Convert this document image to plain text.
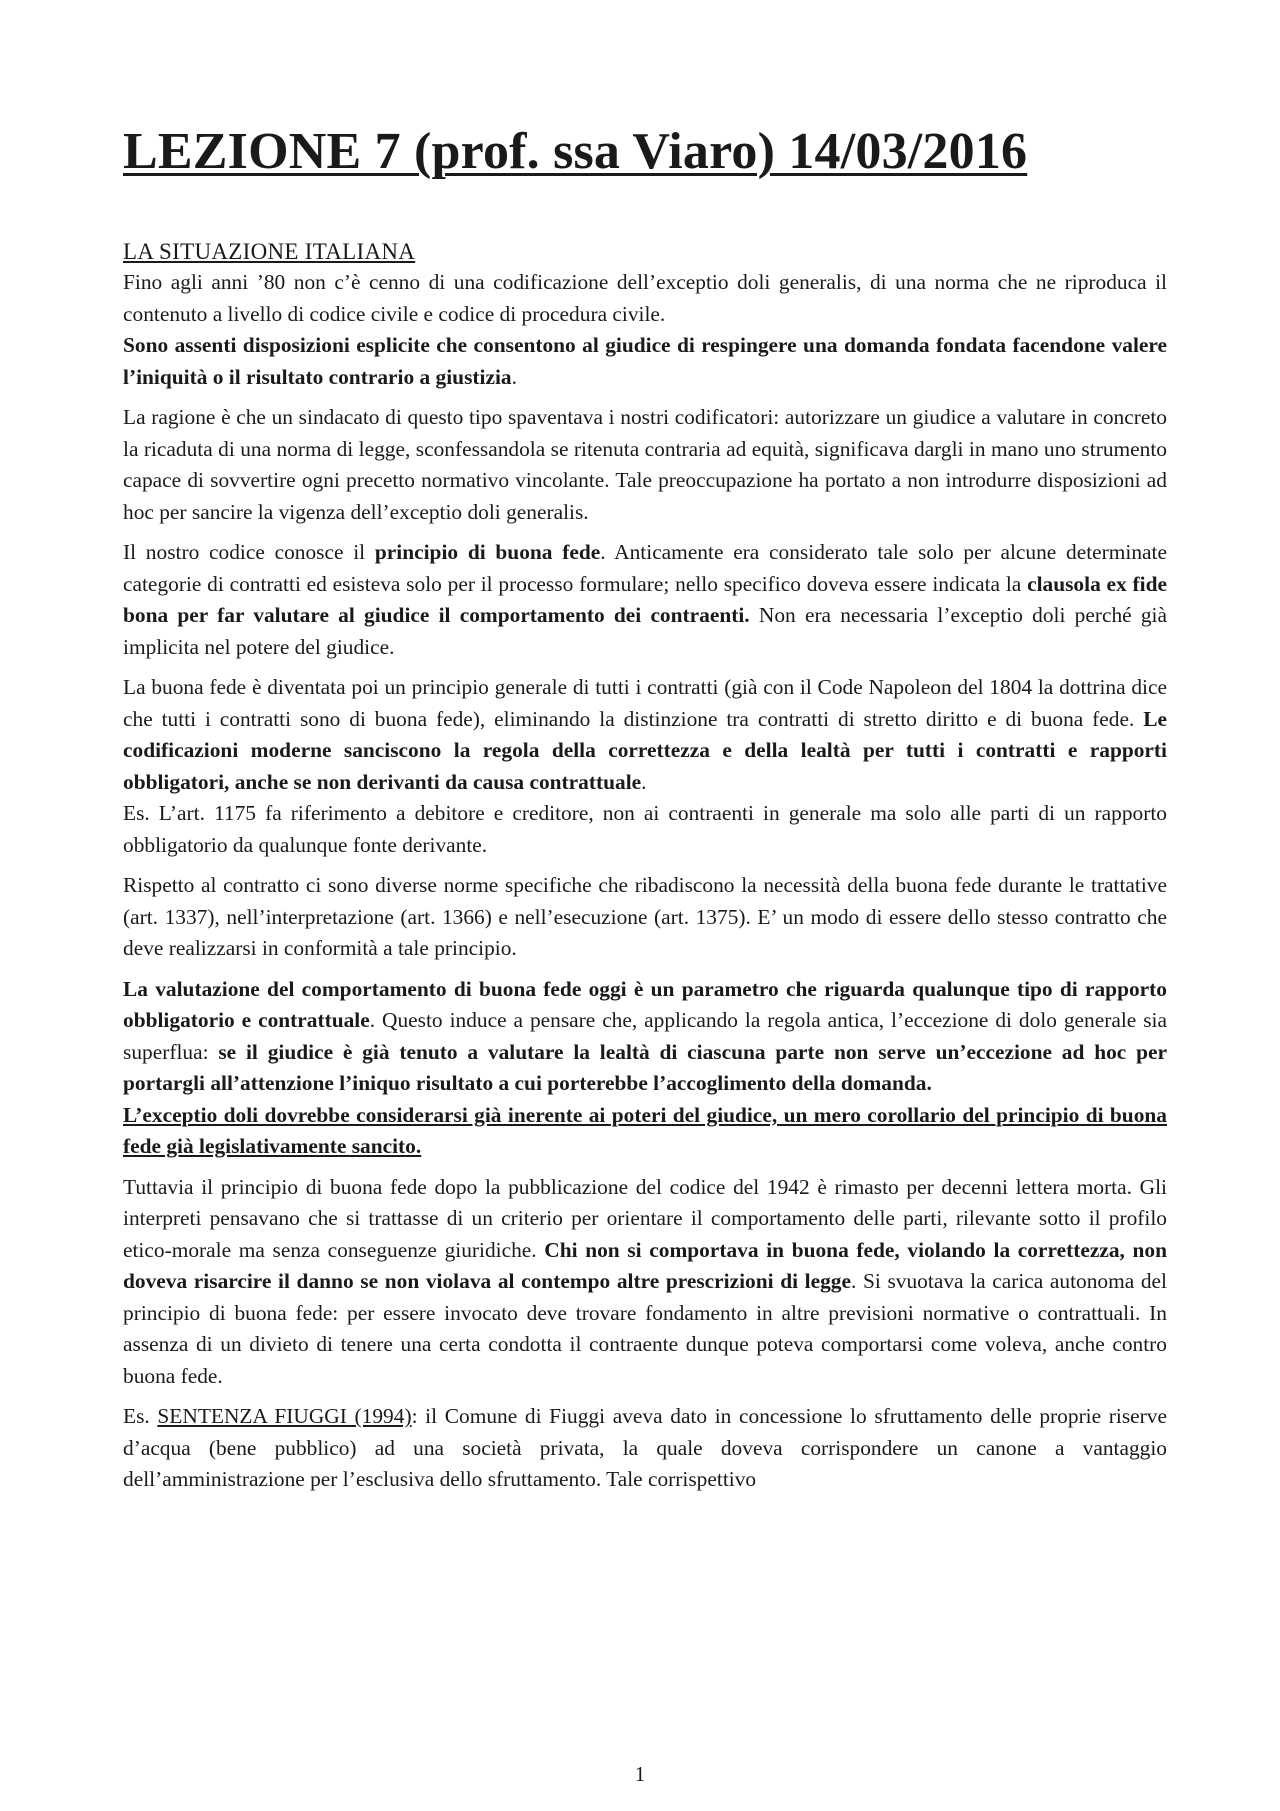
LEZIONE 7 (prof. ssa Viaro) 14/03/2016
LA SITUAZIONE ITALIANA

Fino agli anni ’80 non c’è cenno di una codificazione dell’exceptio doli generalis, di una norma che ne riproduca il contenuto a livello di codice civile e codice di procedura civile.

Sono assenti disposizioni esplicite che consentono al giudice di respingere una domanda fondata facendone valere l’iniquità o il risultato contrario a giustizia.

La ragione è che un sindacato di questo tipo spaventava i nostri codificatori: autorizzare un giudice a valutare in concreto la ricaduta di una norma di legge, sconfessandola se ritenuta contraria ad equità, significava dargli in mano uno strumento capace di sovvertire ogni precetto normativo vincolante. Tale preoccupazione ha portato a non introdurre disposizioni ad hoc per sancire la vigenza dell’exceptio doli generalis.

Il nostro codice conosce il principio di buona fede. Anticamente era considerato tale solo per alcune determinate categorie di contratti ed esisteva solo per il processo formulare; nello specifico doveva essere indicata la clausola ex fide bona per far valutare al giudice il comportamento dei contraenti. Non era necessaria l’exceptio doli perché già implicita nel potere del giudice.

La buona fede è diventata poi un principio generale di tutti i contratti (già con il Code Napoleon del 1804 la dottrina dice che tutti i contratti sono di buona fede), eliminando la distinzione tra contratti di stretto diritto e di buona fede. Le codificazioni moderne sanciscono la regola della correttezza e della lealtà per tutti i contratti e rapporti obbligatori, anche se non derivanti da causa contrattuale.

Es. L’art. 1175 fa riferimento a debitore e creditore, non ai contraenti in generale ma solo alle parti di un rapporto obbligatorio da qualunque fonte derivante.

Rispetto al contratto ci sono diverse norme specifiche che ribadiscono la necessità della buona fede durante le trattative (art. 1337), nell’interpretazione (art. 1366) e nell’esecuzione (art. 1375). E’ un modo di essere dello stesso contratto che deve realizzarsi in conformità a tale principio.

La valutazione del comportamento di buona fede oggi è un parametro che riguarda qualunque tipo di rapporto obbligatorio e contrattuale. Questo induce a pensare che, applicando la regola antica, l’eccezione di dolo generale sia superflua: se il giudice è già tenuto a valutare la lealtà di ciascuna parte non serve un’eccezione ad hoc per portargli all’attenzione l’iniquo risultato a cui porterebbe l’accoglimento della domanda.

L’exceptio doli dovrebbe considerarsi già inerente ai poteri del giudice, un mero corollario del principio di buona fede già legislativamente sancito.

Tuttavia il principio di buona fede dopo la pubblicazione del codice del 1942 è rimasto per decenni lettera morta. Gli interpreti pensavano che si trattasse di un criterio per orientare il comportamento delle parti, rilevante sotto il profilo etico-morale ma senza conseguenze giuridiche. Chi non si comportava in buona fede, violando la correttezza, non doveva risarcire il danno se non violava al contempo altre prescrizioni di legge. Si svuotava la carica autonoma del principio di buona fede: per essere invocato deve trovare fondamento in altre previsioni normative o contrattuali. In assenza di un divieto di tenere una certa condotta il contraente dunque poteva comportarsi come voleva, anche contro buona fede.

Es. SENTENZA FIUGGI (1994): il Comune di Fiuggi aveva dato in concessione lo sfruttamento delle proprie riserve d’acqua (bene pubblico) ad una società privata, la quale doveva corrispondere un canone a vantaggio dell’amministrazione per l’esclusiva dello sfruttamento. Tale corrispettivo

1
